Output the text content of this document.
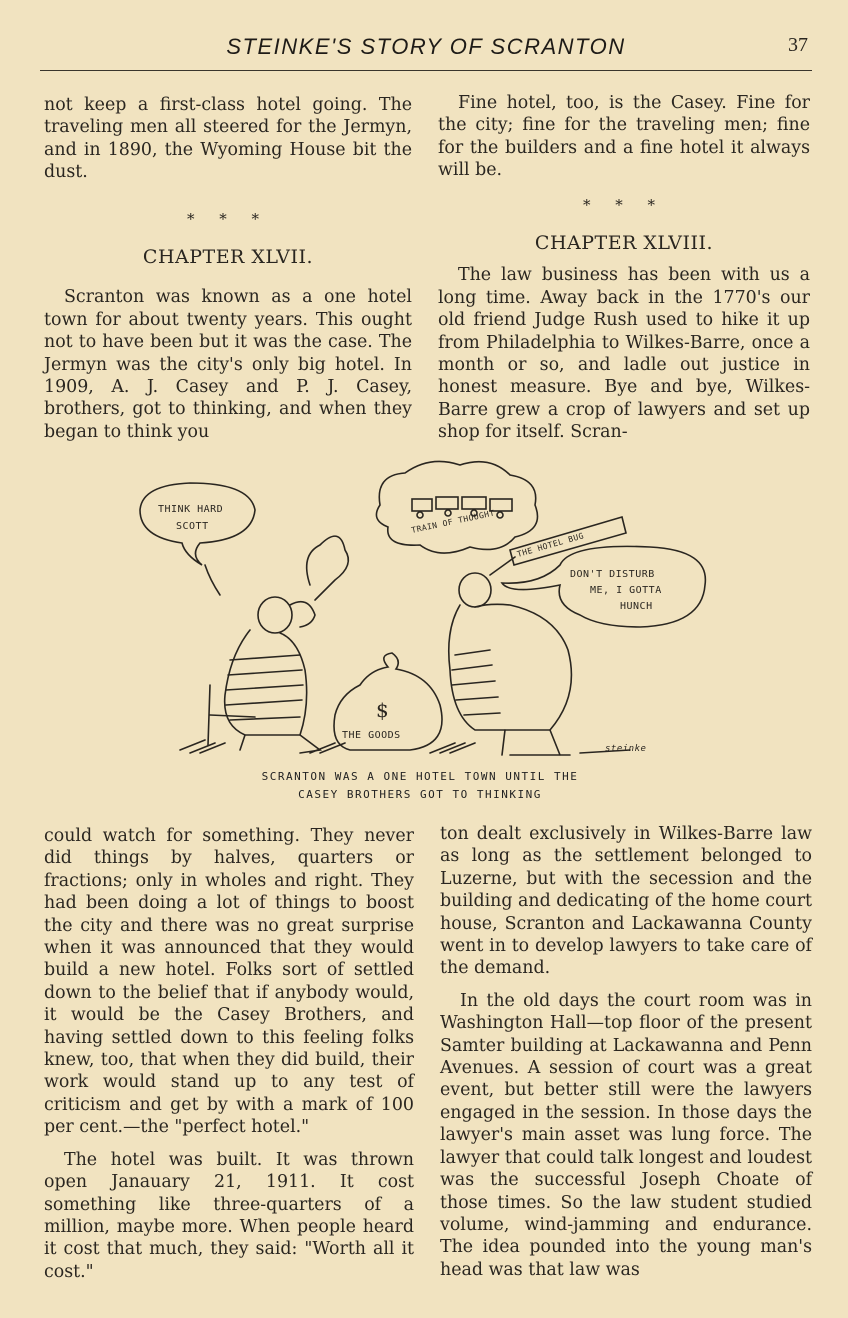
STEINKE'S STORY OF SCRANTON	37

not keep a first-class hotel going. The traveling men all steered for the Jermyn, and in 1890, the Wyoming House bit the dust.

* * *
CHAPTER XLVII.

Scranton was known as a one hotel town for about twenty years. This ought not to have been but it was the case. The Jermyn was the city's only big hotel. In 1909, A. J. Casey and P. J. Casey, brothers, got to thinking, and when they began to think you

Fine hotel, too, is the Casey. Fine for the city; fine for the traveling men; fine for the builders and a fine hotel it always will be.

* * *
CHAPTER XLVIII.

The law business has been with us a long time. Away back in the 1770's our old friend Judge Rush used to hike it up from Philadelphia to Wilkes-Barre, once a month or so, and ladle out justice in honest measure. Bye and bye, Wilkes-Barre grew a crop of lawyers and set up shop for itself. Scran-

THINK HARD
SCOTT	TRAIN OF THOUGHT
THE HOTEL BUG
DON'T DISTURB
ME, I GOTTA
HUNCH
$
THE GOODS
steinke
SCRANTON WAS A ONE HOTEL TOWN UNTIL THE
CASEY BROTHERS GOT TO THINKING

could watch for something. They never did things by halves, quarters or fractions; only in wholes and right. They had been doing a lot of things to boost the city and there was no great surprise when it was announced that they would build a new hotel. Folks sort of settled down to the belief that if anybody would, it would be the Casey Brothers, and having settled down to this feeling folks knew, too, that when they did build, their work would stand up to any test of criticism and get by with a mark of 100 per cent.—the "perfect hotel."

The hotel was built. It was thrown open Janauary 21, 1911. It cost something like three-quarters of a million, maybe more. When people heard it cost that much, they said: "Worth all it cost."

ton dealt exclusively in Wilkes-Barre law as long as the settlement belonged to Luzerne, but with the secession and the building and dedicating of the home court house, Scranton and Lackawanna County went in to develop lawyers to take care of the demand.

In the old days the court room was in Washington Hall—top floor of the present Samter building at Lackawanna and Penn Avenues. A session of court was a great event, but better still were the lawyers engaged in the session. In those days the lawyer's main asset was lung force. The lawyer that could talk longest and loudest was the successful Joseph Choate of those times. So the law student studied volume, wind-jamming and endurance. The idea pounded into the young man's head was that law was
